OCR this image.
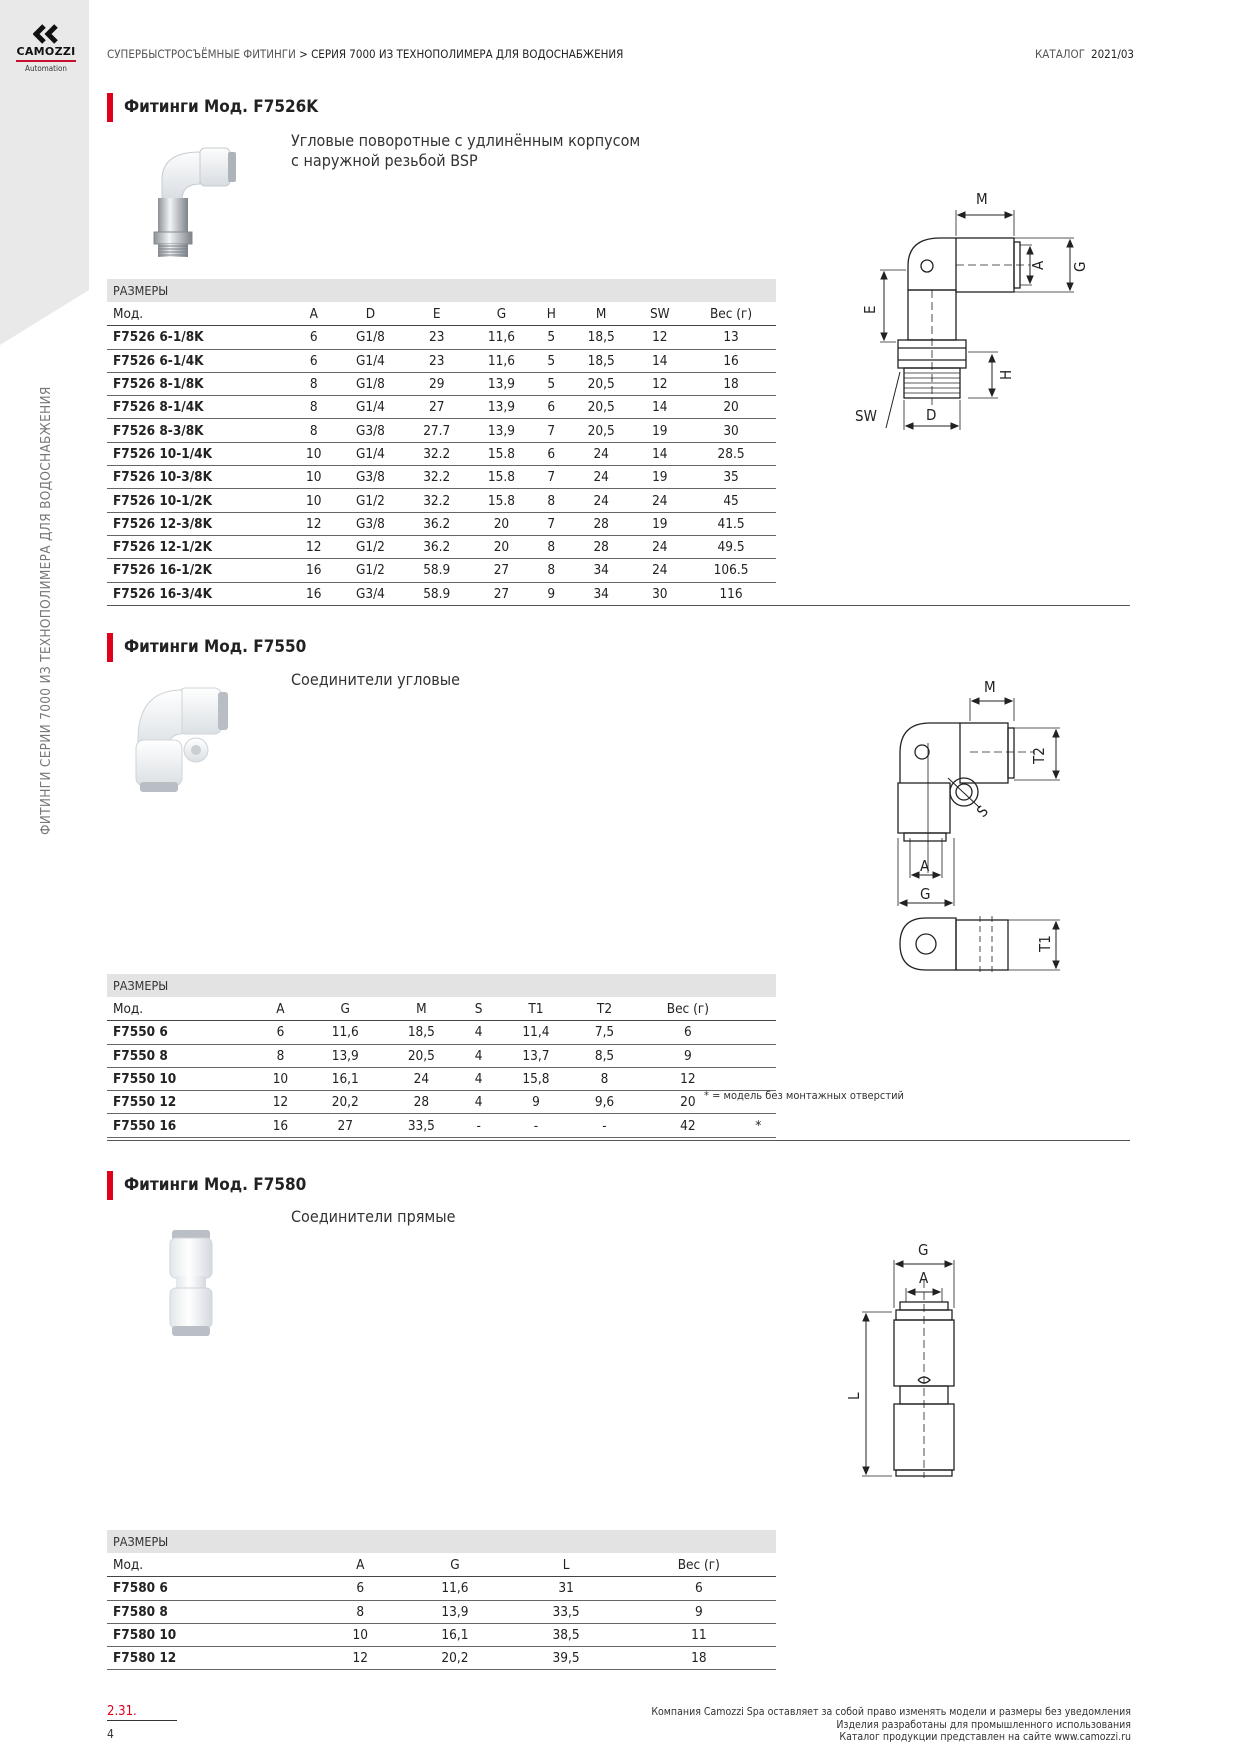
CAMOZZI
Automation
ФИТИНГИ СЕРИИ 7000 ИЗ ТЕХНОПОЛИМЕРА ДЛЯ ВОДОСНАБЖЕНИЯ
СУПЕРБЫСТРОСЪЁМНЫЕ ФИТИНГИ > СЕРИЯ 7000 ИЗ ТЕХНОПОЛИМЕРА ДЛЯ ВОДОСНАБЖЕНИЯ	КАТАЛОГ 2021/03
Фитинги Мод. F7526K
Угловые поворотные с удлинённым корпусом
с наружной резьбой BSP
РАЗМЕРЫ								
Мод.	A	D	E	G	H	M	SW	Вес (г)
F7526 6-1/8K	6	G1/8	23	11,6	5	18,5	12	13
F7526 6-1/4K	6	G1/4	23	11,6	5	18,5	14	16
F7526 8-1/8K	8	G1/8	29	13,9	5	20,5	12	18
F7526 8-1/4K	8	G1/4	27	13,9	6	20,5	14	20
F7526 8-3/8K	8	G3/8	27.7	13,9	7	20,5	19	30
F7526 10-1/4K	10	G1/4	32.2	15.8	6	24	14	28.5
F7526 10-3/8K	10	G3/8	32.2	15.8	7	24	19	35
F7526 10-1/2K	10	G1/2	32.2	15.8	8	24	24	45
F7526 12-3/8K	12	G3/8	36.2	20	7	28	19	41.5
F7526 12-1/2K	12	G1/2	36.2	20	8	28	24	49.5
F7526 16-1/2K	16	G1/2	58.9	27	8	34	24	106.5
F7526 16-3/4K	16	G3/4	58.9	27	9	34	30	116
M
A G
E
H
SW	D
Фитинги Мод. F7550
Соединители угловые
РАЗМЕРЫ								
Мод.	A	G	M	S	T1	T2	Вес (г)	
F7550 6	6	11,6	18,5	4	11,4	7,5	6	
F7550 8	8	13,9	20,5	4	13,7	8,5	9	
F7550 10	10	16,1	24	4	15,8	8	12	
F7550 12	12	20,2	28	4	9	9,6	20	
F7550 16	16	27	33,5	-	-	-	42	*
* = модель без монтажных отверстий
M
T2
S
A
G
T1
Фитинги Мод. F7580
Соединители прямые
РАЗМЕРЫ				
Мод.	A	G	L	Вес (г)
F7580 6	6	11,6	31	6
F7580 8	8	13,9	33,5	9
F7580 10	10	16,1	38,5	11
F7580 12	12	20,2	39,5	18
G
A
L
2.31.
4
Компания Camozzi Spa оставляет за собой право изменять модели и размеры без уведомления
Изделия разработаны для промышленного использования
Каталог продукции представлен на сайте www.camozzi.ru
